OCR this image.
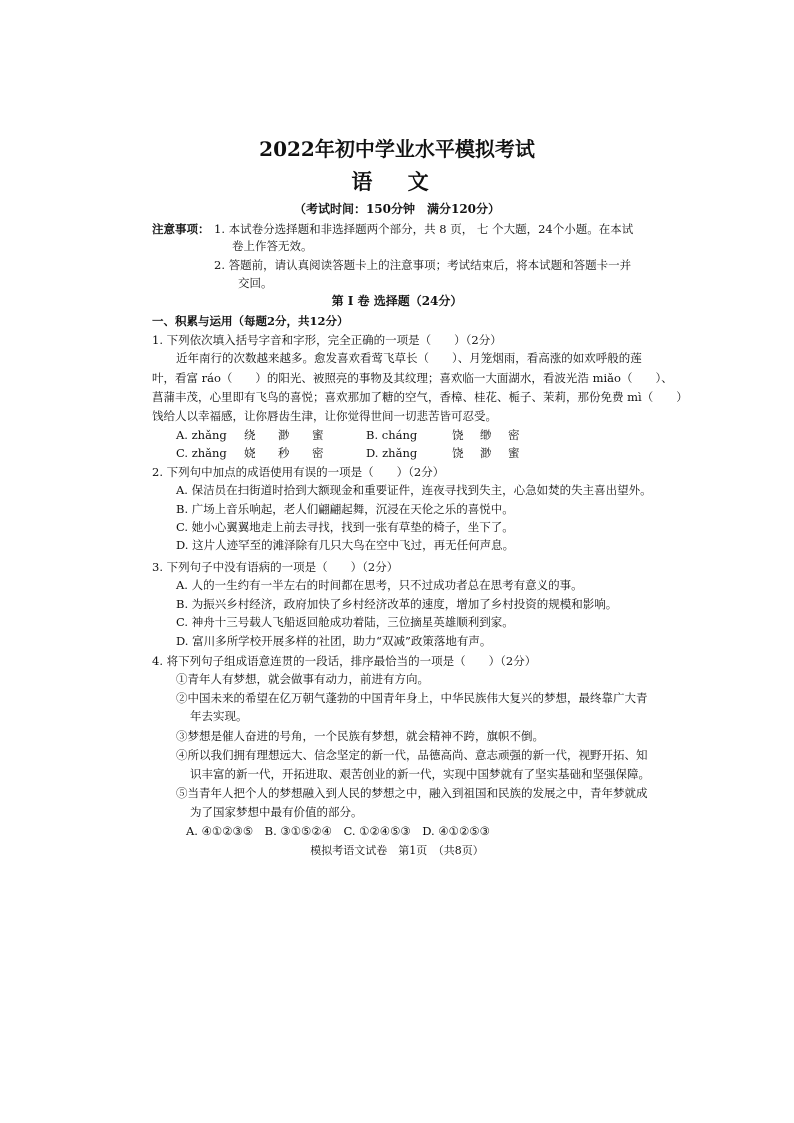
2022年初中学业水平模拟考试
语 文
（考试时间：150分钟　满分120分）
注意事项： 1. 本试卷分选择题和非选择题两个部分，共 8 页， 七 个大题，24个小题。在本试
卷上作答无效。
2. 答题前，请认真阅读答题卡上的注意事项；考试结束后，将本试题和答题卡一并
交回。
第 I 卷 选择题（24分）
一、积累与运用（每题2分，共12分）
1. 下列依次填入括号字音和字形，完全正确的一项是（　　）（2分）
近年南行的次数越来越多。愈发喜欢看莺飞草长（　　）、月笼烟雨，看高涨的如欢呼般的莲
叶，看富 ráo（　　）的阳光、被照亮的事物及其纹理；喜欢临一大面湖水，看波光浩 miǎo（　　）、
菖蒲丰茂，心里即有飞鸟的喜悦；喜欢那加了糖的空气，香樟、桂花、栀子、茉莉，那份免费 mì（　　）
饯给人以幸福感，让你唇齿生津，让你觉得世间一切悲苦皆可忍受。
A. zhǎng	绕	渺	蜜	B. cháng	饶	缈	密
C. zhǎng	娆	秒	密	D. zhǎng	饶	渺	蜜
2. 下列句中加点的成语使用有误的一项是（　　）（2分）
A. 保洁员在扫街道时拾到大额现金和重要证件，连夜寻找到失主，心急如焚的失主喜出望外。
B. 广场上音乐响起，老人们翩翩起舞，沉浸在天伦之乐的喜悦中。
C. 她小心翼翼地走上前去寻找，找到一张有草垫的椅子，坐下了。
D. 这片人迹罕至的滩泽除有几只大鸟在空中飞过，再无任何声息。
3. 下列句子中没有语病的一项是（　　）（2分）
A. 人的一生约有一半左右的时间都在思考，只不过成功者总在思考有意义的事。
B. 为振兴乡村经济，政府加快了乡村经济改革的速度，增加了乡村投资的规模和影响。
C. 神舟十三号载人飞船返回舱成功着陆，三位摘星英雄顺利到家。
D. 富川多所学校开展多样的社团，助力“双减”政策落地有声。
4. 将下列句子组成语意连贯的一段话，排序最恰当的一项是（　　）（2分）
①青年人有梦想，就会做事有动力，前进有方向。
②中国未来的希望在亿万朝气蓬勃的中国青年身上，中华民族伟大复兴的梦想，最终靠广大青
年去实现。
③梦想是催人奋进的号角，一个民族有梦想，就会精神不跨，旗帜不倒。
④所以我们拥有理想远大、信念坚定的新一代，品德高尚、意志顽强的新一代，视野开拓、知
识丰富的新一代，开拓进取、艰苦创业的新一代，实现中国梦就有了坚实基础和坚强保障。
⑤当青年人把个人的梦想融入到人民的梦想之中，融入到祖国和民族的发展之中，青年梦就成
为了国家梦想中最有价值的部分。
A. ④①②③⑤　B. ③①⑤②④　C. ①②④⑤③　D. ④①②⑤③
模拟考语文试卷　第1页　（共8页）
